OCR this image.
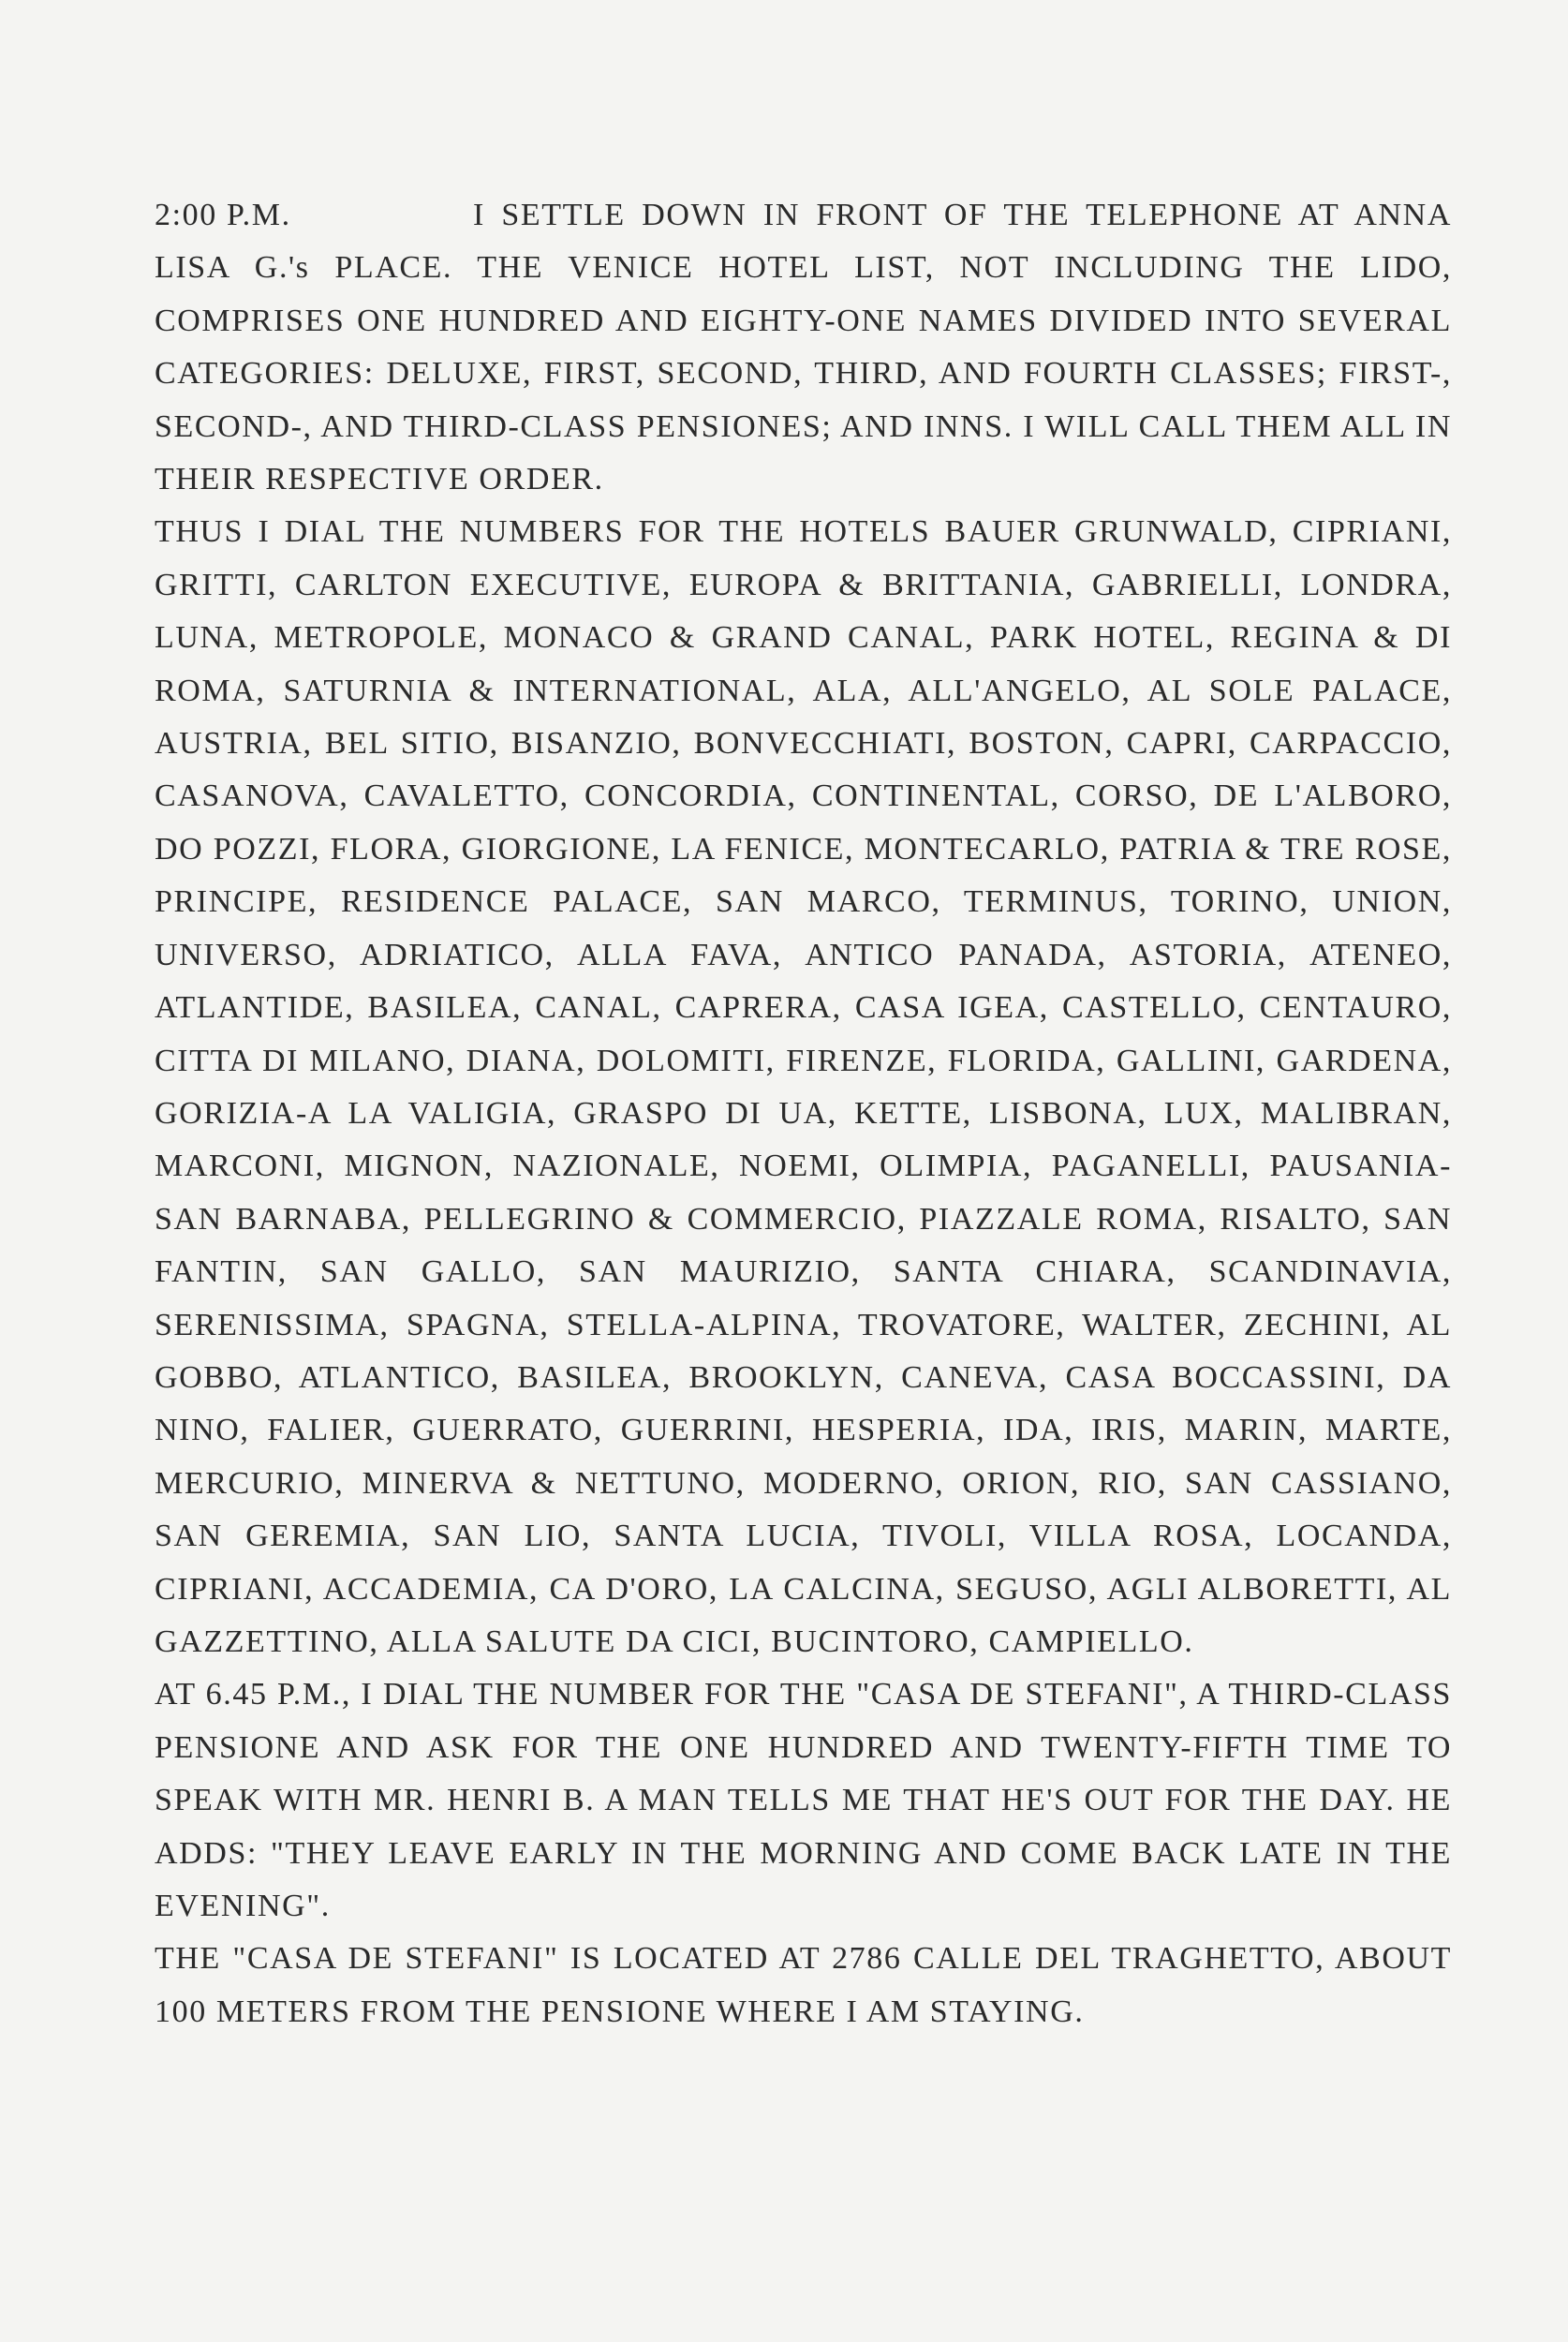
2:00 P.M.	I SETTLE DOWN IN FRONT OF THE TELEPHONE AT ANNA LISA G.'s PLACE. THE VENICE HOTEL LIST, NOT INCLUDING THE LIDO, COMPRISES ONE HUNDRED AND EIGHTY-ONE NAMES DIVIDED INTO SEVERAL CATEGORIES: DELUXE, FIRST, SECOND, THIRD, AND FOURTH CLASSES; FIRST-, SECOND-, AND THIRD-CLASS PENSIONES; AND INNS. I WILL CALL THEM ALL IN THEIR RESPECTIVE ORDER.

THUS I DIAL THE NUMBERS FOR THE HOTELS BAUER GRUNWALD, CIPRIANI, GRITTI, CARLTON EXECUTIVE, EUROPA & BRITTANIA, GABRIELLI, LONDRA, LUNA, METROPOLE, MONACO & GRAND CANAL, PARK HOTEL, REGINA & DI ROMA, SATURNIA & INTERNATIONAL, ALA, ALL'ANGELO, AL SOLE PALACE, AUSTRIA, BEL SITIO, BISANZIO, BONVECCHIATI, BOSTON, CAPRI, CARPACCIO, CASANOVA, CAVALETTO, CONCORDIA, CONTINENTAL, CORSO, DE L'ALBORO, DO POZZI, FLORA, GIORGIONE, LA FENICE, MONTECARLO, PATRIA & TRE ROSE, PRINCIPE, RESIDENCE PALACE, SAN MARCO, TERMINUS, TORINO, UNION, UNIVERSO, ADRIATICO, ALLA FAVA, ANTICO PANADA, ASTORIA, ATENEO, ATLANTIDE, BASILEA, CANAL, CAPRERA, CASA IGEA, CASTELLO, CENTAURO, CITTA DI MILANO, DIANA, DOLOMITI, FIRENZE, FLORIDA, GALLINI, GARDENA, GORIZIA-A LA VALIGIA, GRASPO DI UA, KETTE, LISBONA, LUX, MALIBRAN, MARCONI, MIGNON, NAZIONALE, NOEMI, OLIMPIA, PAGANELLI, PAUSANIA-SAN BARNABA, PELLEGRINO & COMMERCIO, PIAZZALE ROMA, RISALTO, SAN FANTIN, SAN GALLO, SAN MAURIZIO, SANTA CHIARA, SCANDINAVIA, SERENISSIMA, SPAGNA, STELLA-ALPINA, TROVATORE, WALTER, ZECHINI, AL GOBBO, ATLANTICO, BASILEA, BROOKLYN, CANEVA, CASA BOCCASSINI, DA NINO, FALIER, GUERRATO, GUERRINI, HESPERIA, IDA, IRIS, MARIN, MARTE, MERCURIO, MINERVA & NETTUNO, MODERNO, ORION, RIO, SAN CASSIANO, SAN GEREMIA, SAN LIO, SANTA LUCIA, TIVOLI, VILLA ROSA, LOCANDA, CIPRIANI, ACCADEMIA, CA D'ORO, LA CALCINA, SEGUSO, AGLI ALBORETTI, AL GAZZETTINO, ALLA SALUTE DA CICI, BUCINTORO, CAMPIELLO.

AT 6.45 P.M., I DIAL THE NUMBER FOR THE "CASA DE STEFANI", A THIRD-CLASS PENSIONE AND ASK FOR THE ONE HUNDRED AND TWENTY-FIFTH TIME TO SPEAK WITH MR. HENRI B. A MAN TELLS ME THAT HE'S OUT FOR THE DAY. HE ADDS: "THEY LEAVE EARLY IN THE MORNING AND COME BACK LATE IN THE EVENING".

THE "CASA DE STEFANI" IS LOCATED AT 2786 CALLE DEL TRAGHETTO, ABOUT 100 METERS FROM THE PENSIONE WHERE I AM STAYING.
